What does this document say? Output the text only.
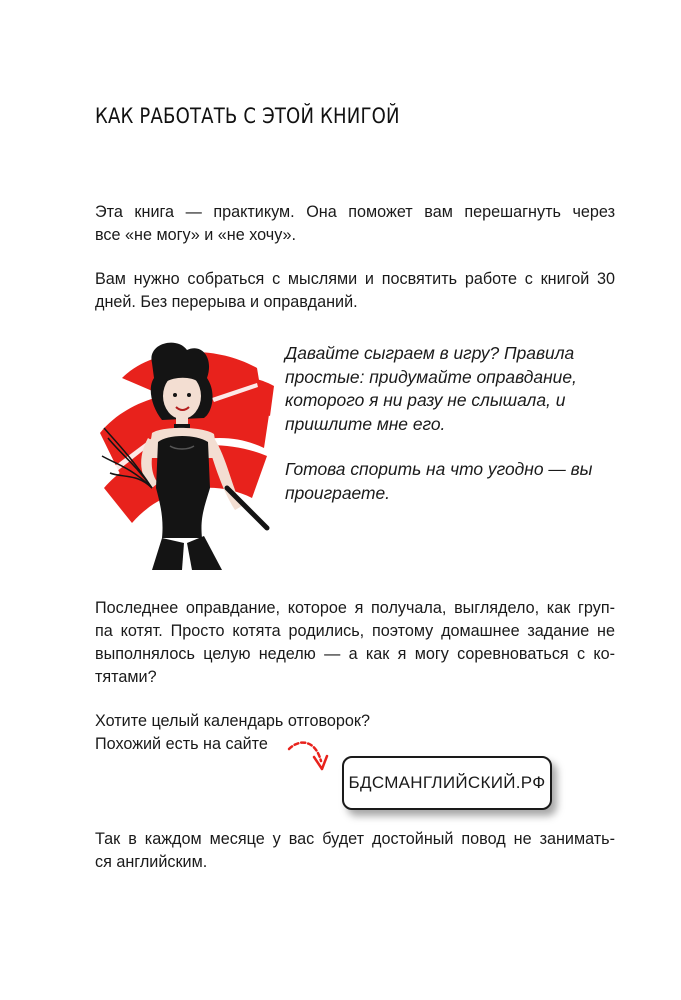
КАК РАБОТАТЬ С ЭТОЙ КНИГОЙ

Эта книга — практикум. Она поможет вам перешагнуть через
все «не могу» и «не хочу».

Вам нужно собраться с мыслями и посвятить работе с книгой 30
дней. Без перерыва и оправданий.

Давайте сыграем в игру? Правила
простые: придумайте оправдание,
которого я ни разу не слышала, и
пришлите мне его.

Готова спорить на что угодно — вы
проиграете.

Последнее оправдание, которое я получала, выглядело, как груп-
па котят. Просто котята родились, поэтому домашнее задание не
выполнялось целую неделю — а как я могу соревноваться с ко-
тятами?

Хотите целый календарь отговорок?
Похожий есть на сайте

БДСМАНГЛИЙСКИЙ.РФ

Так в каждом месяце у вас будет достойный повод не занимать-
ся английским.
